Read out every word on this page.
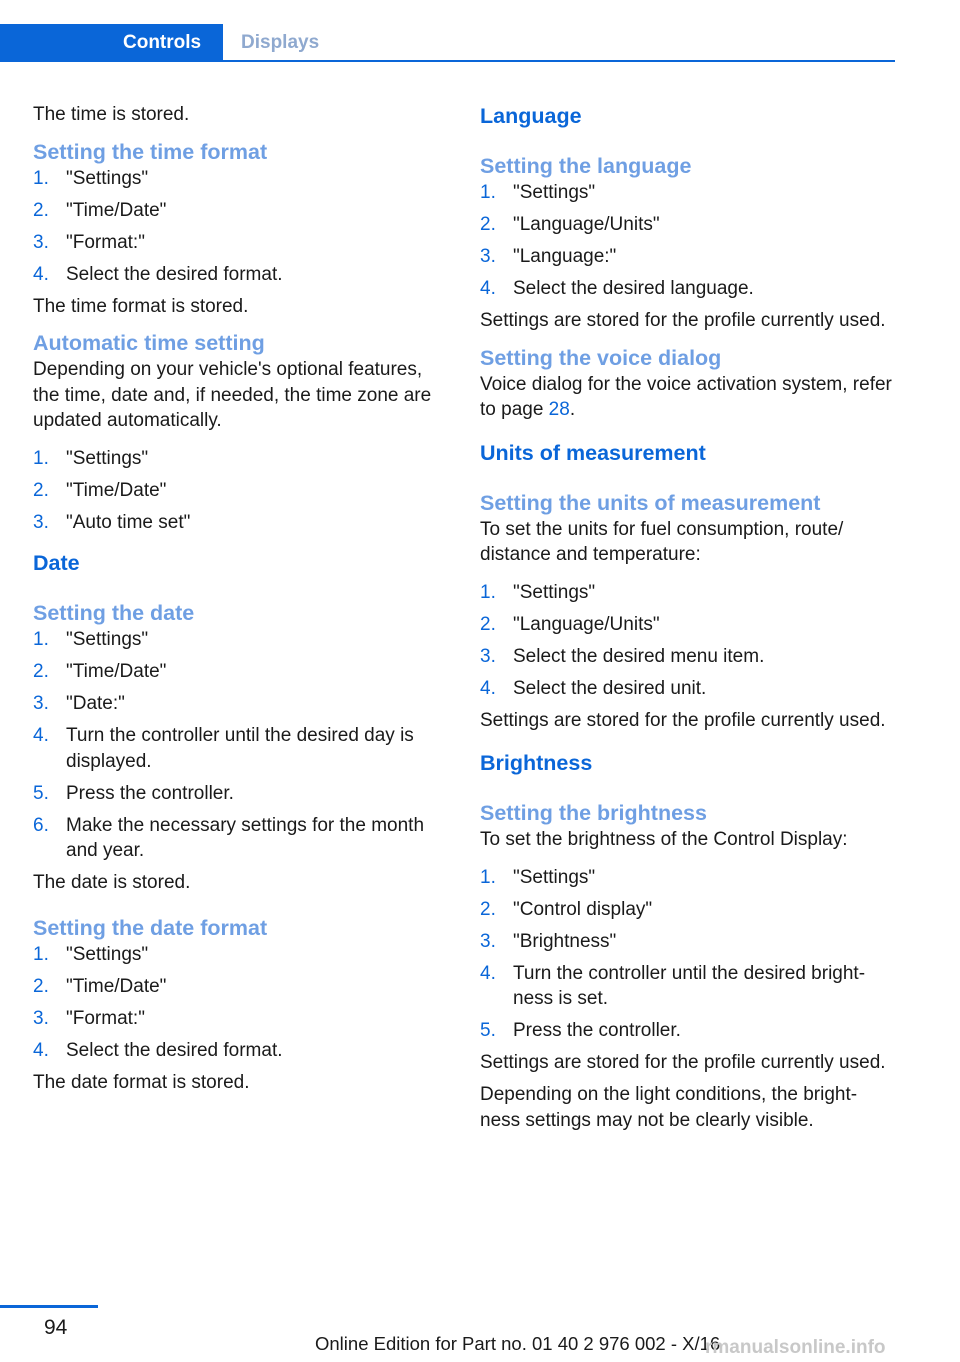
Controls Displays

The time is stored.

Setting the time format

1. "Settings"
2. "Time/Date"
3. "Format:"
4. Select the desired format.

The time format is stored.

Automatic time setting

Depending on your vehicle's optional features, the time, date and, if needed, the time zone are updated automatically.

1. "Settings"
2. "Time/Date"
3. "Auto time set"

Date

Setting the date

1. "Settings"
2. "Time/Date"
3. "Date:"
4. Turn the controller until the desired day is displayed.
5. Press the controller.
6. Make the necessary settings for the month and year.

The date is stored.

Setting the date format

1. "Settings"
2. "Time/Date"
3. "Format:"
4. Select the desired format.

The date format is stored.

Language

Setting the language

1. "Settings"
2. "Language/Units"
3. "Language:"
4. Select the desired language.

Settings are stored for the profile currently used.

Setting the voice dialog

Voice dialog for the voice activation system, refer to page 28.

Units of measurement

Setting the units of measurement

To set the units for fuel consumption, route/ distance and temperature:

1. "Settings"
2. "Language/Units"
3. Select the desired menu item.
4. Select the desired unit.

Settings are stored for the profile currently used.

Brightness

Setting the brightness

To set the brightness of the Control Display:

1. "Settings"
2. "Control display"
3. "Brightness"
4. Turn the controller until the desired bright‐ ness is set.
5. Press the controller.

Settings are stored for the profile currently used.

Depending on the light conditions, the bright‐ ness settings may not be clearly visible.

94
Online Edition for Part no. 01 40 2 976 002 - X/16
rmanualsonline.info
